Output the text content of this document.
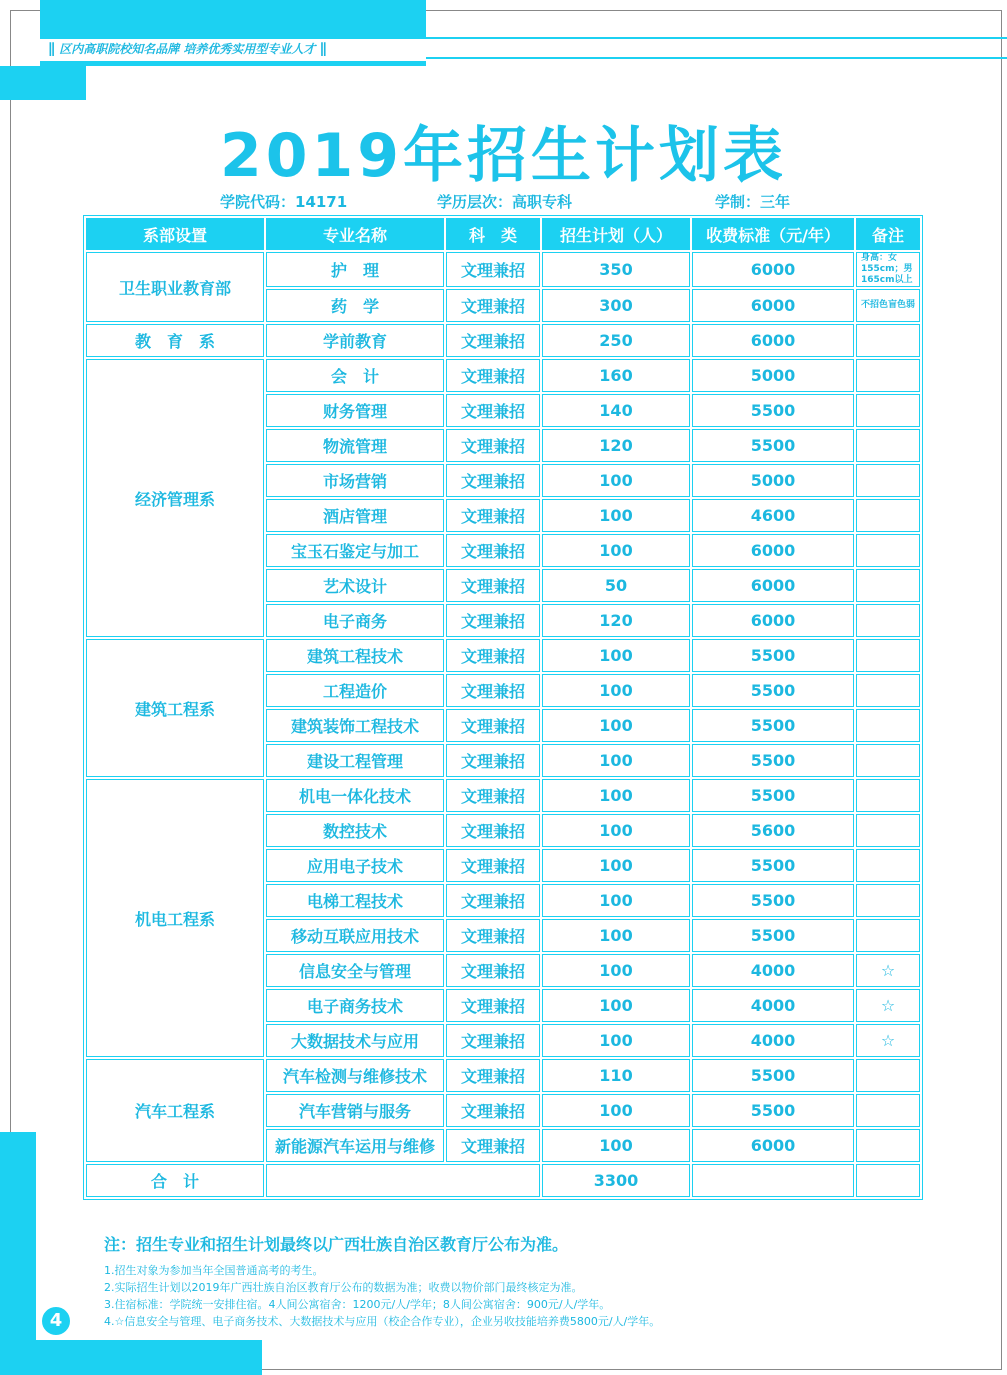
∥ 区内高职院校知名品牌 培养优秀实用型专业人才 ∥
4
2019年招生计划表
学院代码：14171	学历层次：高职专科	学制：三年
系部设置	专业名称	科　类	招生计划（人）	收费标准（元/年）	备注
卫生职业教育部	护　理	文理兼招	350	6000	身高：女155cm；男165cm以上
	药　学	文理兼招	300	6000	不招色盲色弱
教　育　系	学前教育	文理兼招	250	6000	
经济管理系	会　计	文理兼招	160	5000	
	财务管理	文理兼招	140	5500	
	物流管理	文理兼招	120	5500	
	市场营销	文理兼招	100	5000	
	酒店管理	文理兼招	100	4600	
	宝玉石鉴定与加工	文理兼招	100	6000	
	艺术设计	文理兼招	50	6000	
	电子商务	文理兼招	120	6000	
建筑工程系	建筑工程技术	文理兼招	100	5500	
	工程造价	文理兼招	100	5500	
	建筑装饰工程技术	文理兼招	100	5500	
	建设工程管理	文理兼招	100	5500	
机电工程系	机电一体化技术	文理兼招	100	5500	
	数控技术	文理兼招	100	5600	
	应用电子技术	文理兼招	100	5500	
	电梯工程技术	文理兼招	100	5500	
	移动互联应用技术	文理兼招	100	5500	
	信息安全与管理	文理兼招	100	4000	☆
	电子商务技术	文理兼招	100	4000	☆
	大数据技术与应用	文理兼招	100	4000	☆
汽车工程系	汽车检测与维修技术	文理兼招	110	5500	
	汽车营销与服务	文理兼招	100	5500	
	新能源汽车运用与维修	文理兼招	100	6000	
合　计			3300		
注：招生专业和招生计划最终以广西壮族自治区教育厅公布为准。
1.招生对象为参加当年全国普通高考的考生。
2.实际招生计划以2019年广西壮族自治区教育厅公布的数据为准；收费以物价部门最终核定为准。
3.住宿标准：学院统一安排住宿。4人间公寓宿舍：1200元/人/学年；8人间公寓宿舍：900元/人/学年。
4.☆信息安全与管理、电子商务技术、大数据技术与应用（校企合作专业），企业另收技能培养费5800元/人/学年。
